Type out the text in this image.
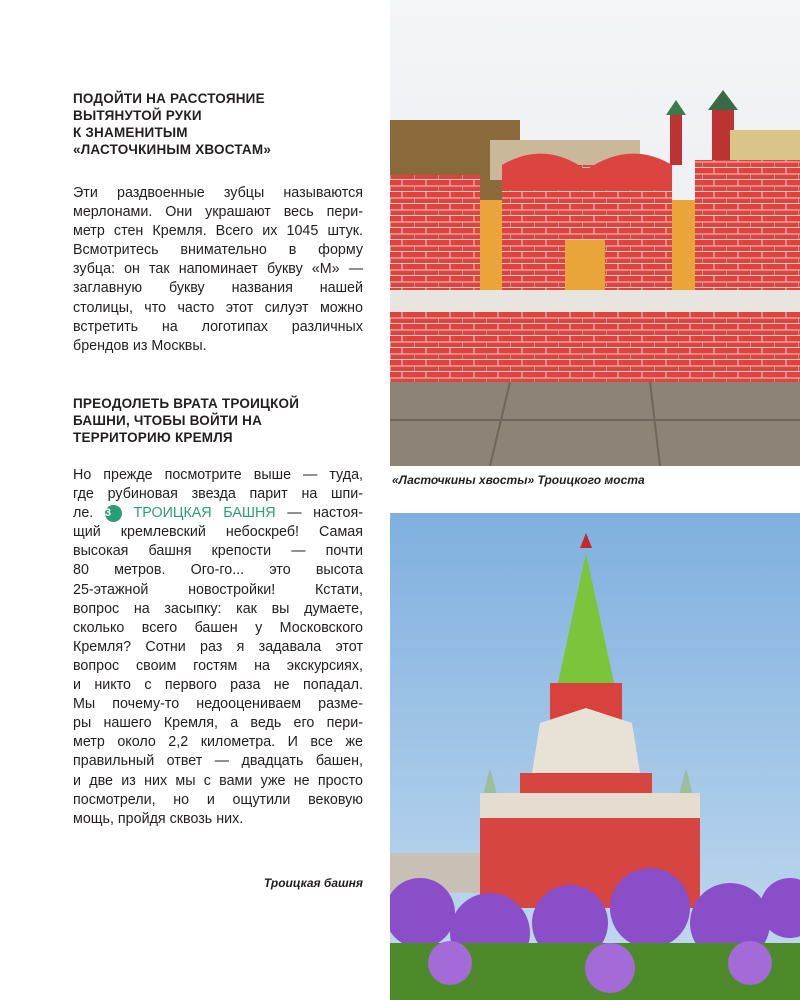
ПОДОЙТИ НА РАССТОЯНИЕ
ВЫТЯНУТОЙ РУКИ
К ЗНАМЕНИТЫМ
«ЛАСТОЧКИНЫМ ХВОСТАМ»
Эти раздвоенные зубцы называются
мерлонами. Они украшают весь пери-
метр стен Кремля. Всего их 1045 штук.
Всмотритесь внимательно в форму
зубца: он так напоминает букву «М» —
заглавную букву названия нашей
столицы, что часто этот силуэт можно
встретить на логотипах различных
брендов из Москвы.
ПРЕОДОЛЕТЬ ВРАТА ТРОИЦКОЙ
БАШНИ, ЧТОБЫ ВОЙТИ НА
ТЕРРИТОРИЮ КРЕМЛЯ
Но прежде посмотрите выше — туда,
где рубиновая звезда парит на шпи-
ле. 3 ТРОИЦКАЯ БАШНЯ — настоя-
щий кремлевский небоскреб! Самая
высокая башня крепости — почти
80 метров. Ого-го... это высота
25-этажной новостройки! Кстати,
вопрос на засыпку: как вы думаете,
сколько всего башен у Московского
Кремля? Сотни раз я задавала этот
вопрос своим гостям на экскурсиях,
и никто с первого раза не попадал.
Мы почему-то недооцениваем разме-
ры нашего Кремля, а ведь его пери-
метр около 2,2 километра. И все же
правильный ответ — двадцать башен,
и две из них мы с вами уже не просто
посмотрели, но и ощутили вековую
мощь, пройдя сквозь них.
Троицкая башня
«Ласточкины хвосты» Троицкого моста
